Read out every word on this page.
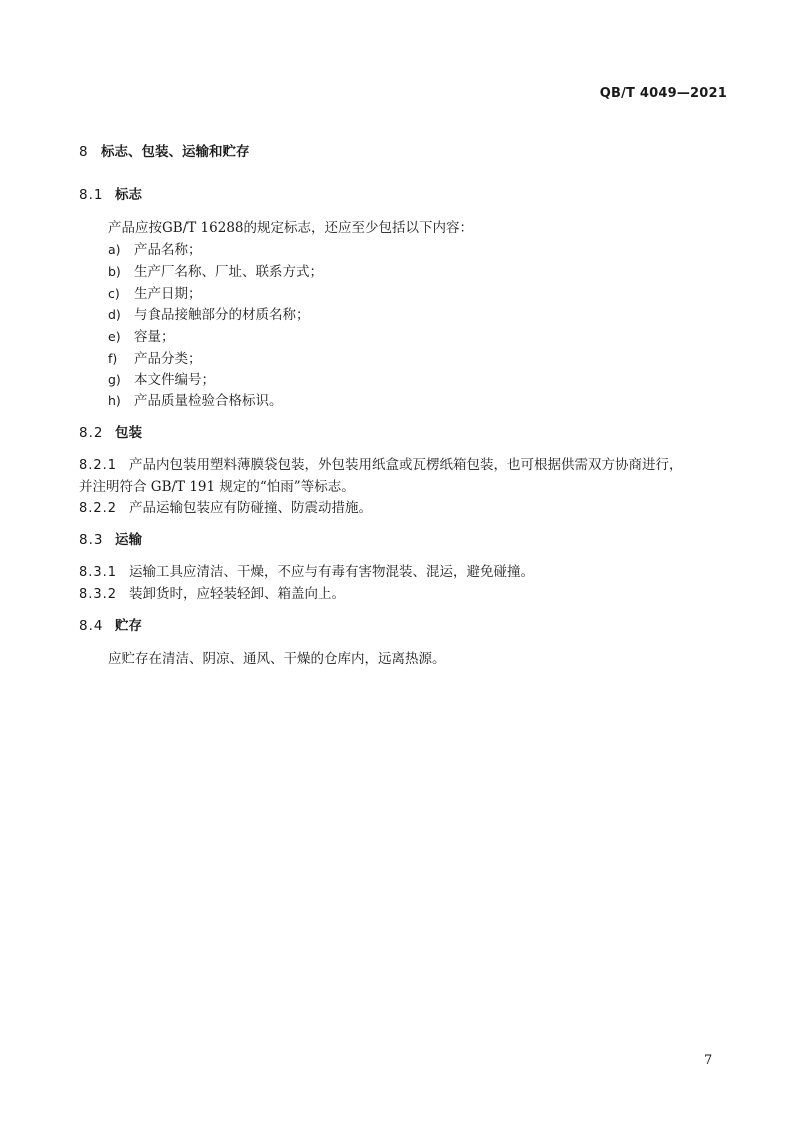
QB/T 4049—2021
8 标志、包装、运输和贮存
8.1 标志
产品应按GB/T 16288的规定标志，还应至少包括以下内容：
a) 产品名称；
b) 生产厂名称、厂址、联系方式；
c) 生产日期；
d) 与食品接触部分的材质名称；
e) 容量；
f) 产品分类；
g) 本文件编号；
h) 产品质量检验合格标识。
8.2 包装
8.2.1 产品内包装用塑料薄膜袋包装，外包装用纸盒或瓦楞纸箱包装，也可根据供需双方协商进行，
并注明符合 GB/T 191 规定的“怕雨”等标志。
8.2.2 产品运输包装应有防碰撞、防震动措施。
8.3 运输
8.3.1 运输工具应清洁、干燥，不应与有毒有害物混装、混运，避免碰撞。
8.3.2 装卸货时，应轻装轻卸、箱盖向上。
8.4 贮存
应贮存在清洁、阴凉、通风、干燥的仓库内，远离热源。
7
